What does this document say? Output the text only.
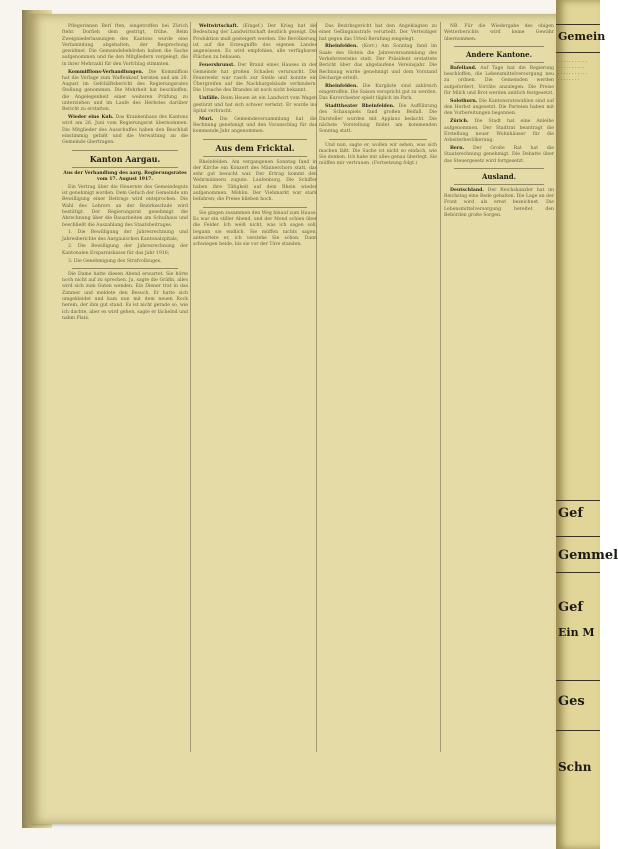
Pflegerinnen Berl ften, eingetroffen bei Zürich ftehr. Dorfieh dem gestrigt, frühe. Beim Zweigniederlassungen des Kantons wurde eine Verfammlung abgehalten, der Besprechung gewidmet. Die Gemeindebehörden haben die Sache aufgenommen und fie den Mitgliedern vorgelegt, die in ihrer Mehrzahl für den Vorfchlag stimmten.

Kommiffions-Verhandlungen. Die Kommiffion hat die Vorlage zum Waffenkauf beraten und am 20. August im Gefchäftsbericht des Regierungsrates Stellung genommen. Die Mehrheit hat beschloffen, die Angelegenheit einer weiteren Prüfung zu unterziehen und im Laufe des Herbstes darüber Bericht zu erstatten.

Wieder eine Kuh. Das Krankenhaus des Kantons wird am 26. Juni vom Regierungsrat übernommen. Die Mitglieder des Ausschuffes haben den Beschluß einstimmig gefaßt und die Verwaltung an die Gemeinde übertragen.

Kanton Aargau.

Aus der Verhandlung des aarg. Regierungsrates vom 17. August 1917.

Ein Vertrag über die Heuernte des Gemeindeguts ist genehmigt worden. Dem Gefuch der Gemeinde um Bewilligung einer Beitrags wird entsprochen. Die Wahl des Lehrers an der Bezirksschule wird bestätigt. Der Regierungsrat genehmigt die Abrechnung über die Bauarbeiten am Schulhaus und beschließt die Auszahlung des Staatsbeitrages.

1. Die Bewilligung der Jahresrechnung und Jahresberichte des Aargauischen Kantonalspitals;

2. Die Bewilligung der Jahresrechnung der Kantonalen Ersparniskasse für das Jahr 1916;

3. Die Genehmigung des Strafvollzuges.

Die Dame hatte diesen Abend erwartet. Sie hörte noch nicht auf zu sprechen. Ja, sagte die Gräfin, alles wird sich zum Guten wenden. Ein Diener trat in das Zimmer und meldete den Besuch. Er hatte sich umgekleidet und kam nun mit dem neuen Rock herein, der ihm gut stand. Es ist nicht gerade so, wie ich dachte, aber es wird gehen, sagte er lächelnd und nahm Platz.

Weltwirtschaft. (Eingef.) Der Krieg hat die Bedeutung der Landwirtschaft deutlich gezeigt. Die Produktion muß gesteigert werden. Die Bevölkerung ist auf die Erzeugniffe des eigenen Landes angewiesen. Es wird empfohlen, alle verfügbaren Flächen zu bebauen.

Feuersbrunst. Der Brand eines Hauses in der Gemeinde hat großen Schaden verursacht. Die Feuerwehr war rasch zur Stelle und konnte ein Übergreifen auf die Nachbargebäude verhindern. Die Ursache des Brandes ist noch nicht bekannt.

Unfälle. Beim Heuen ist ein Landwirt vom Wagen gestürzt und hat sich schwer verletzt. Er wurde ins Spital verbracht.

Muri. Die Gemeindeversammlung hat die Rechnung genehmigt und den Voranschlag für das kommende Jahr angenommen.

Aus dem Fricktal.

Rheinfelden. Am vergangenen Sonntag fand in der Kirche ein Konzert des Männerchors statt, das sehr gut besucht war. Der Ertrag kommt den Wehrmännern zugute. Laufenburg. Die Schiffer haben ihre Tätigkeit auf dem Rhein wieder aufgenommen. Möhlin. Der Viehmarkt war stark befahren; die Preise blieben hoch.

Sie gingen zusammen den Weg hinauf zum Hause. Es war ein stiller Abend, und der Mond schien über die Felder. Ich weiß nicht, was ich sagen soll, begann sie endlich. Sie müffen nichts sagen, antwortete er, ich verstehe Sie schon. Dann schwiegen beide, bis sie vor der Türe standen.

Das Bezirksgericht hat den Angeklagten zu einer Gefängnisstrafe verurteilt. Der Verteidiger hat gegen das Urteil Berufung eingelegt.

Rheinfelden. (Korr.) Am Sonntag fand im Saale des Hotels die Jahresversammlung des Verkehrsvereins statt. Der Präsident erstattete Bericht über das abgelaufene Vereinsjahr. Die Rechnung wurde genehmigt und dem Vorstand Décharge erteilt.

Rheinfelden. Die Kurgäste sind zahlreich eingetroffen. Die Saison verspricht gut zu werden. Das Kurorchester spielt täglich im Park.

Stadttheater Rheinfelden. Die Aufführung des Schauspiels fand großen Beifall. Die Darsteller wurden mit Applaus bedacht. Die nächste Vorstellung findet am kommenden Sonntag statt.

Und nun, sagte er, wollen wir sehen, was sich machen läßt. Die Sache ist nicht so einfach, wie Sie denken. Ich habe mir alles genau überlegt. Sie müffen mir vertrauen. (Fortsetzung folgt.)

NB. Für die Wiedergabe des obigen Wetterberichts wird keine Gewähr übernommen.

Andere Kantone.

Bafelland. Auf Tage hat die Regierung beschloffen, die Lebensmittelversorgung neu zu ordnen. Die Gemeinden werden aufgefordert, Vorräte anzulegen. Die Preise für Milch und Brot werden amtlich festgesetzt.

Solothurn. Die Kantonsratswahlen sind auf den Herbst angesetzt. Die Parteien haben mit den Vorbereitungen begonnen.

Zürich. Die Stadt hat eine Anleihe aufgenommen. Der Stadtrat beantragt die Erstellung neuer Wohnhäuser für die Arbeiterbevölkerung.

Bern. Der Große Rat hat die Staatsrechnung genehmigt. Die Debatte über das Steuergesetz wird fortgesetzt.

Ausland.

Deutschland. Der Reichskanzler hat im Reichstag eine Rede gehalten. Die Lage an der Front wird als ernst bezeichnet. Die Lebensmittelversorgung bereitet den Behörden große Sorgen.

Gemein
· · · · · · · · · · ·
· · · · · · · · · ·
· · · · · · · · · · ·
· · · · · · · ·
Gef
Gemmel
Gef
Ein M
Ges
Schn
